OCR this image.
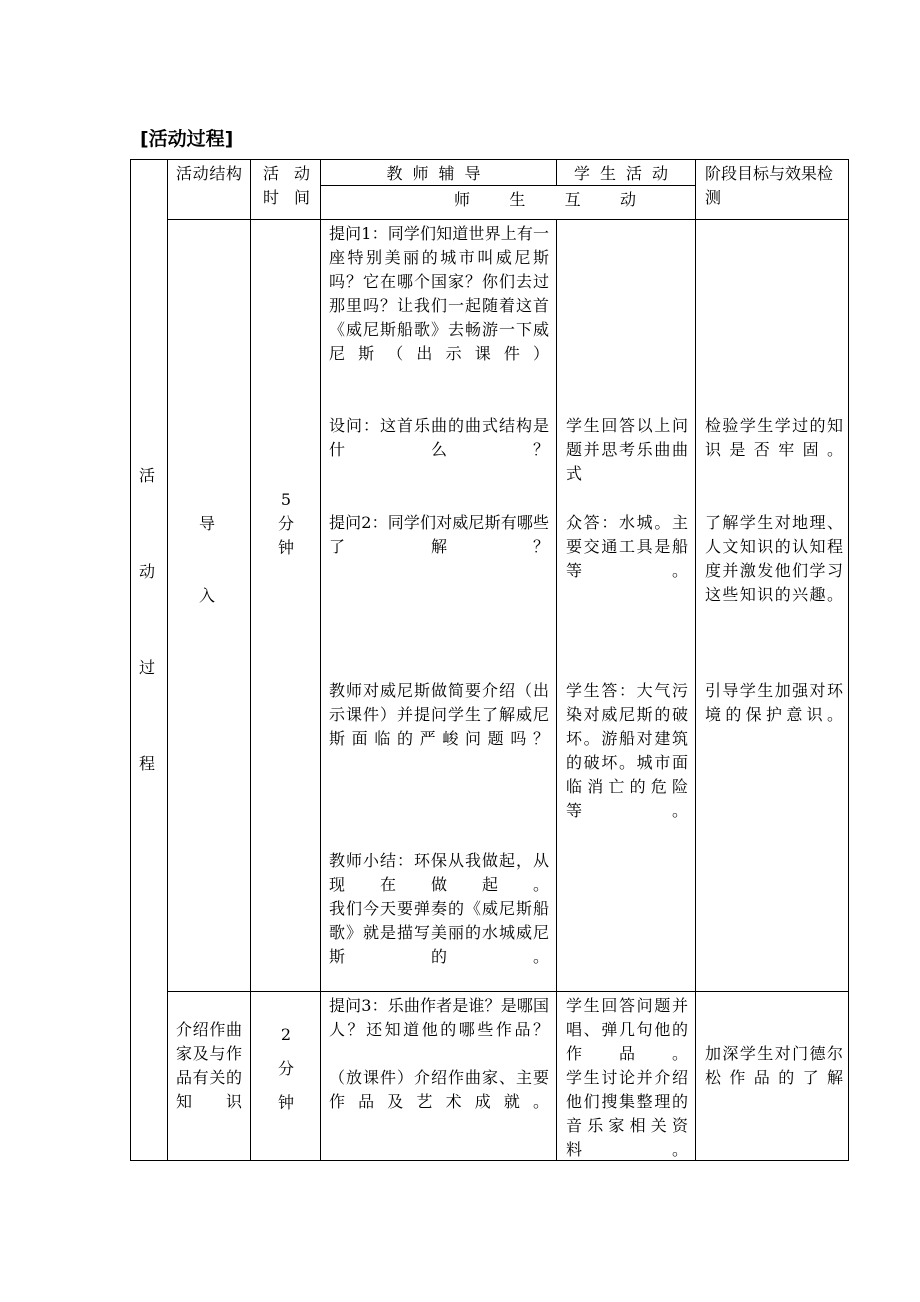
[活动过程]
活动结构 活动时间
教师辅导	学生活动	阶段目标与效果检测
师生互动
活动过程
导入
5分钟
提问1：同学们知道世界上有一座特别美丽的城市叫威尼斯吗？它在哪个国家？你们去过那里吗？让我们一起随着这首《威尼斯船歌》去畅游一下威尼斯（出示课件）
设问：这首乐曲的曲式结构是什么？
提问2：同学们对威尼斯有哪些了解？
教师对威尼斯做简要介绍（出示课件）并提问学生了解威尼斯面临的严峻问题吗？
教师小结：环保从我做起，从现在做起。
我们今天要弹奏的《威尼斯船歌》就是描写美丽的水城威尼斯的。
学生回答以上问题并思考乐曲曲式
众答：水城。主要交通工具是船等。
学生答：大气污染对威尼斯的破坏。游船对建筑的破坏。城市面临消亡的危险等。
检验学生学过的知识是否牢固。
了解学生对地理、人文知识的认知程度并激发他们学习这些知识的兴趣。
引导学生加强对环境的保护意识。
介绍作曲家及与作品有关的知识
2分钟
提问3：乐曲作者是谁？是哪国人？还知道他的哪些作品？
（放课件）介绍作曲家、主要作品及艺术成就。
学生回答问题并唱、弹几句他的作品。
学生讨论并介绍他们搜集整理的音乐家相关资料。
加深学生对门德尔松作品的了解
